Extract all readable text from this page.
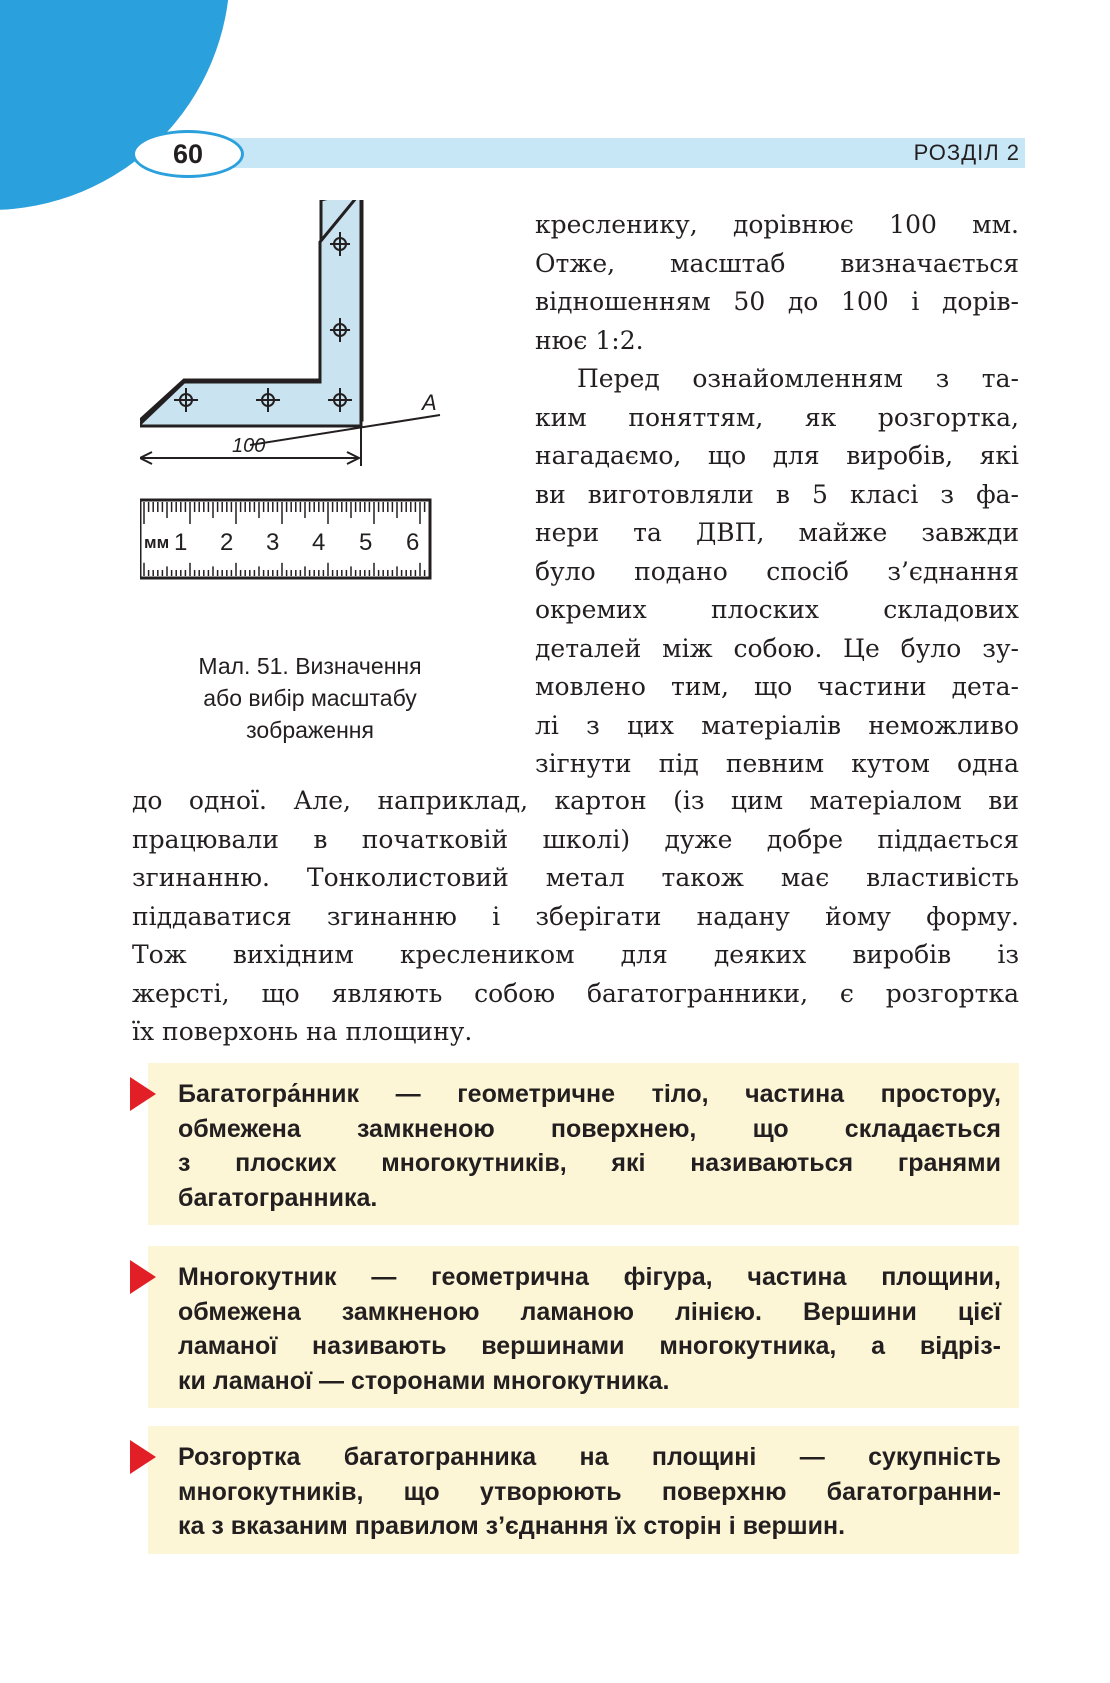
60	РОЗДІЛ 2
100
A
мм 1 2 3 4 5 6
Мал. 51. Визначення
або вибір масштабу
зображення
кресленику, дорівнює 100 мм.
Отже, масштаб визначається
відношенням 50 до 100 і дорів-
нює 1:2.
Перед ознайомленням з та-
ким поняттям, як розгортка,
нагадаємо, що для виробів, які
ви виготовляли в 5 класі з фа-
нери та ДВП, майже завжди
було подано спосіб з’єднання
окремих плоских складових
деталей між собою. Це було зу-
мовлено тим, що частини дета-
лі з цих матеріалів неможливо
зігнути під певним кутом одна
до одної. Але, наприклад, картон (із цим матеріалом ви
працювали в початковій школі) дуже добре піддається
згинанню. Тонколистовий метал також має властивість
піддаватися згинанню і зберігати надану йому форму.
Тож вихідним креслеником для деяких виробів із
жерсті, що являють собою багатогранники, є розгортка
їх поверхонь на площину.
Багатогра́нник — геометричне тіло, частина простору,
обмежена замкненою поверхнею, що складається
з плоских многокутників, які називаються гранями
багатогранника.
Многокутник — геометрична фігура, частина площини,
обмежена замкненою ламаною лінією. Вершини цієї
ламаної називають вершинами многокутника, а відріз-
ки ламаної — сторонами многокутника.
Розгортка багатогранника на площині — сукупність
многокутників, що утворюють поверхню багатогранни-
ка з вказаним правилом з’єднання їх сторін і вершин.
